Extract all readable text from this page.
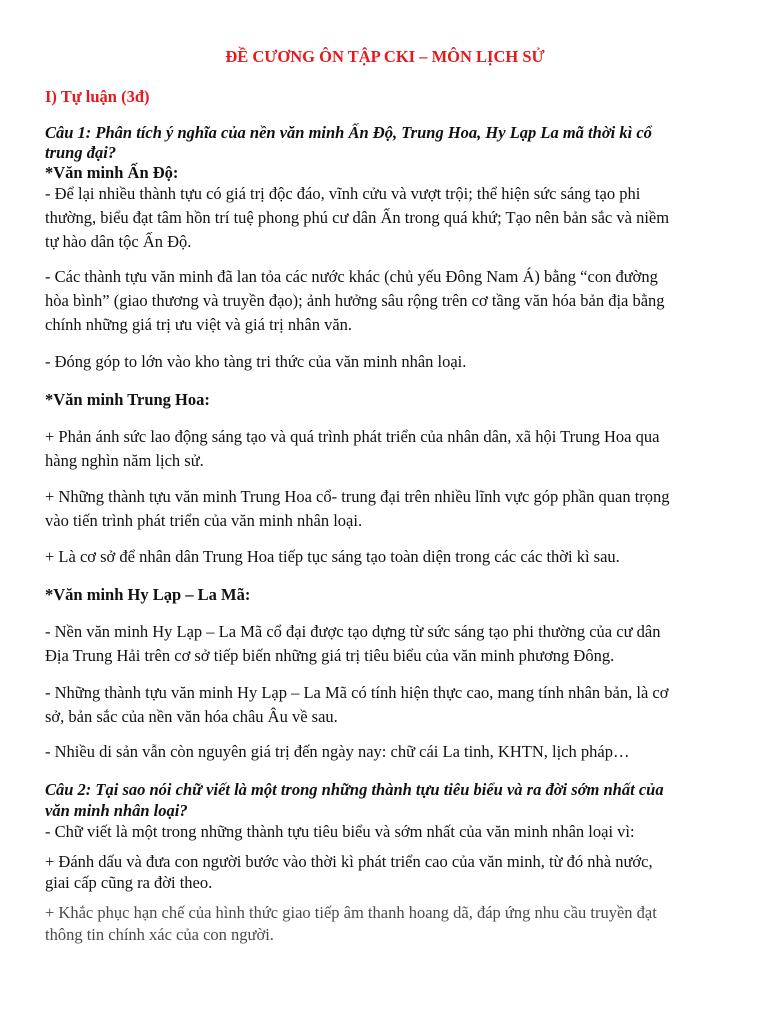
ĐỀ CƯƠNG ÔN TẬP CKI – MÔN LỊCH SỬ
I) Tự luận (3đ)
Câu 1: Phân tích ý nghĩa của nền văn minh Ấn Độ, Trung Hoa, Hy Lạp La mã thời kì cổ
trung đại?
*Văn minh Ấn Độ:
- Để lại nhiều thành tựu có giá trị độc đáo, vĩnh cửu và vượt trội; thể hiện sức sáng tạo phi
thường, biểu đạt tâm hồn trí tuệ phong phú cư dân Ấn trong quá khứ; Tạo nên bản sắc và niềm
tự hào dân tộc Ấn Độ.
- Các thành tựu văn minh đã lan tỏa các nước khác (chủ yếu Đông Nam Á) bằng “con đường
hòa bình” (giao thương và truyền đạo); ảnh hưởng sâu rộng trên cơ tầng văn hóa bản địa bằng
chính những giá trị ưu việt và giá trị nhân văn.
- Đóng góp to lớn vào kho tàng tri thức của văn minh nhân loại.
*Văn minh Trung Hoa:
+ Phản ánh sức lao động sáng tạo và quá trình phát triển của nhân dân, xã hội Trung Hoa qua
hàng nghìn năm lịch sử.
+ Những thành tựu văn minh Trung Hoa cổ- trung đại trên nhiều lĩnh vực góp phần quan trọng
vào tiến trình phát triển của văn minh nhân loại.
+ Là cơ sở để nhân dân Trung Hoa tiếp tục sáng tạo toàn diện trong các các thời kì sau.
*Văn minh Hy Lạp – La Mã:
- Nền văn minh Hy Lạp – La Mã cổ đại được tạo dựng từ sức sáng tạo phi thường của cư dân
Địa Trung Hải trên cơ sở tiếp biến những giá trị tiêu biểu của văn minh phương Đông.
- Những thành tựu văn minh Hy Lạp – La Mã có tính hiện thực cao, mang tính nhân bản, là cơ
sở, bản sắc của nền văn hóa châu Âu về sau.
- Nhiều di sản vẫn còn nguyên giá trị đến ngày nay: chữ cái La tinh, KHTN, lịch pháp…
Câu 2: Tại sao nói chữ viết là một trong những thành tựu tiêu biểu và ra đời sớm nhất của
văn minh nhân loại?
- Chữ viết là một trong những thành tựu tiêu biểu và sớm nhất của văn minh nhân loại vì:
+ Đánh dấu và đưa con người bước vào thời kì phát triển cao của văn minh, từ đó nhà nước,
giai cấp cũng ra đời theo.
+ Khắc phục hạn chế của hình thức giao tiếp âm thanh hoang dã, đáp ứng nhu cầu truyền đạt
thông tin chính xác của con người.
